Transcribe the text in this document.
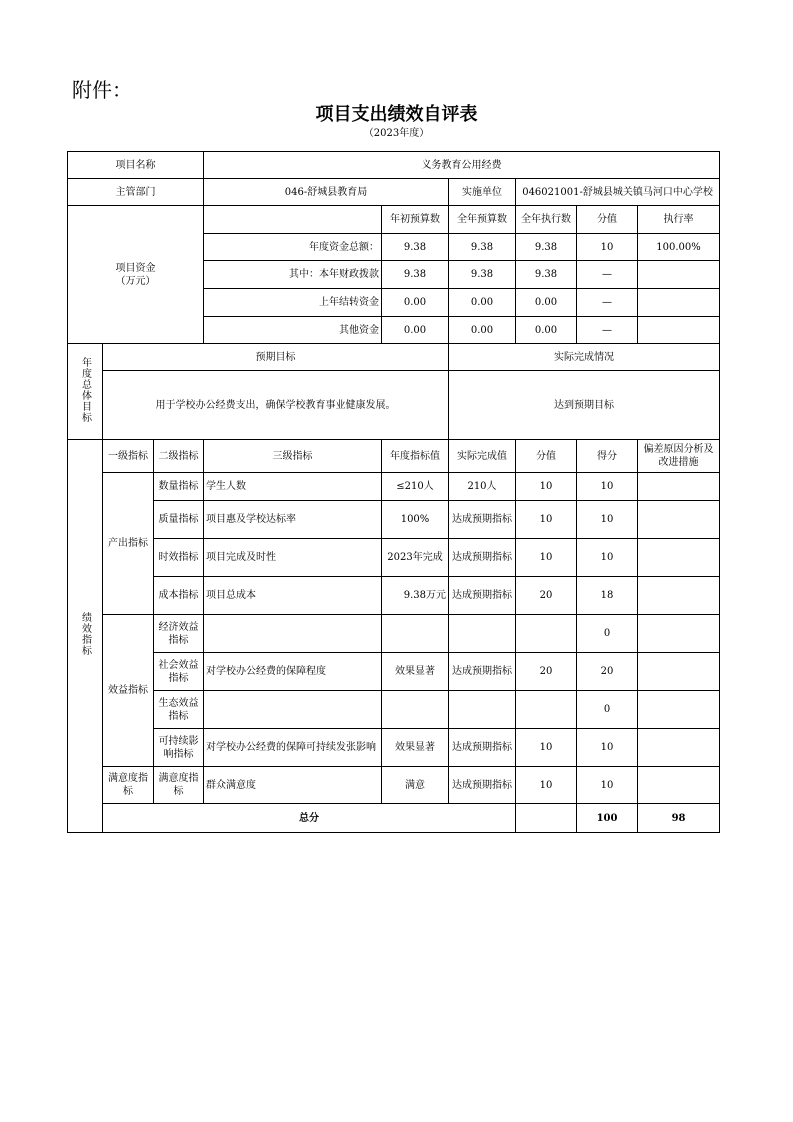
附件：
项目支出绩效自评表
（2023年度）
项目名称			义务教育公用经费						
主管部门			046-舒城县教育局		实施单位	046021001-舒城县城关镇马河口中心学校			
项目资金
（万元）				年初预算数	全年预算数	全年执行数	分值	执行率	
			年度资金总额：	9.38	9.38	9.38	10	100.00%	
			其中：本年财政拨款	9.38	9.38	9.38	—		
			上年结转资金	0.00	0.00	0.00	—		
			其他资金	0.00	0.00	0.00	—		
年度总体目标	预期目标				实际完成情况				
	用于学校办公经费支出，确保学校教育事业健康发展。				达到预期目标				
绩效指标	一级指标	二级指标	三级指标	年度指标值	实际完成值	分值	得分	偏差原因分析及改进措施	
	产出指标	数量指标	学生人数	≤210人	210人	10	10		
		质量指标	项目惠及学校达标率	100%	达成预期指标	10	10		
		时效指标	项目完成及时性	2023年完成	达成预期指标	10	10		
		成本指标	项目总成本	9.38万元	达成预期指标	20	18		
	效益指标	经济效益指标					0		
		社会效益指标	对学校办公经费的保障程度	效果显著	达成预期指标	20	20		
		生态效益指标					0		
		可持续影响指标	对学校办公经费的保障可持续发张影响	效果显著	达成预期指标	10	10		
	满意度指标	满意度指标	群众满意度	满意	达成预期指标	10	10		
	总分						100	98	
